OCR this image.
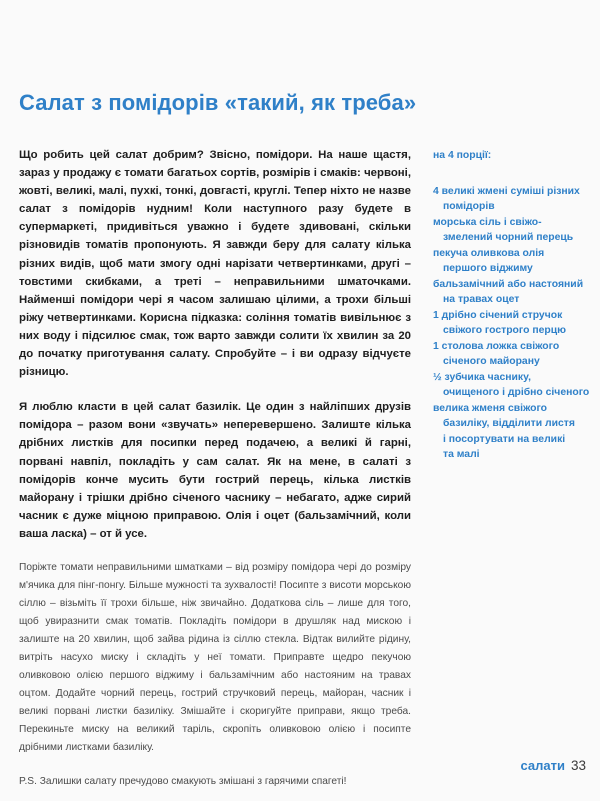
Салат з помідорів «такий, як треба»

Що робить цей салат добрим? Звісно, помідори. На наше щастя, зараз у продажу є томати багатьох сортів, розмірів і смаків: червоні, жовті, великі, малі, пухкі, тонкі, довгасті, круглі. Тепер ніхто не назве салат з помідорів нудним! Коли наступного разу будете в супермаркеті, придивіться уважно і будете здивовані, скільки різновидів томатів пропонують. Я завжди беру для салату кілька різних видів, щоб мати змогу одні нарізати четвертинками, другі – товстими скибками, а треті – неправильними шматочками. Найменші помідори чері я часом залишаю цілими, а трохи більші ріжу четвертинками. Корисна підказка: соління томатів вивільнює з них воду і підсилює смак, тож варто завжди солити їх хвилин за 20 до початку приготування салату. Спробуйте – і ви одразу відчуєте різницю.

Я люблю класти в цей салат базилік. Це один з найліпших друзів помідора – разом вони «звучать» неперевершено. Залиште кілька дрібних листків для посипки перед подачею, а великі й гарні, порвані навпіл, покладіть у сам салат. Як на мене, в салаті з помідорів конче мусить бути гострий перець, кілька листків майорану і трішки дрібно січеного часнику – небагато, адже сирий часник є дуже міцною приправою. Олія і оцет (бальзамічний, коли ваша ласка) – от й усе.

Поріжте томати неправильними шматками – від розміру помідора чері до розміру м'ячика для пінг-понгу. Більше мужності та зухвалості! Посипте з висоти морською сіллю – візьміть її трохи більше, ніж звичайно. Додаткова сіль – лише для того, щоб увиразнити смак томатів. Покладіть помідори в друшляк над мискою і залиште на 20 хвилин, щоб зайва рідина із сіллю стекла. Відтак вилийте рідину, витріть насухо миску і складіть у неї томати. Приправте щедро пекучою оливковою олією першого віджиму і бальзамічним або настояним на травах оцтом. Додайте чорний перець, гострий стручковий перець, майоран, часник і великі порвані листки базиліку. Змішайте і скоригуйте приправи, якщо треба. Перекиньте миску на великий таріль, скропіть оливковою олією і посипте дрібними листками базиліку.

P.S. Залишки салату пречудово смакують змішані з гарячими спагеті!

на 4 порції:

4 великі жмені суміші різних
помідорів
морська сіль і свіжо-
змелений чорний перець
пекуча оливкова олія
першого віджиму
бальзамічний або настояний
на травах оцет
1 дрібно січений стручок
свіжого гострого перцю
1 столова ложка свіжого
січеного майорану
½ зубчика часнику,
очищеного і дрібно січеного
велика жменя свіжого
базиліку, відділити листя
і посортувати на великі
та малі
салати 33
